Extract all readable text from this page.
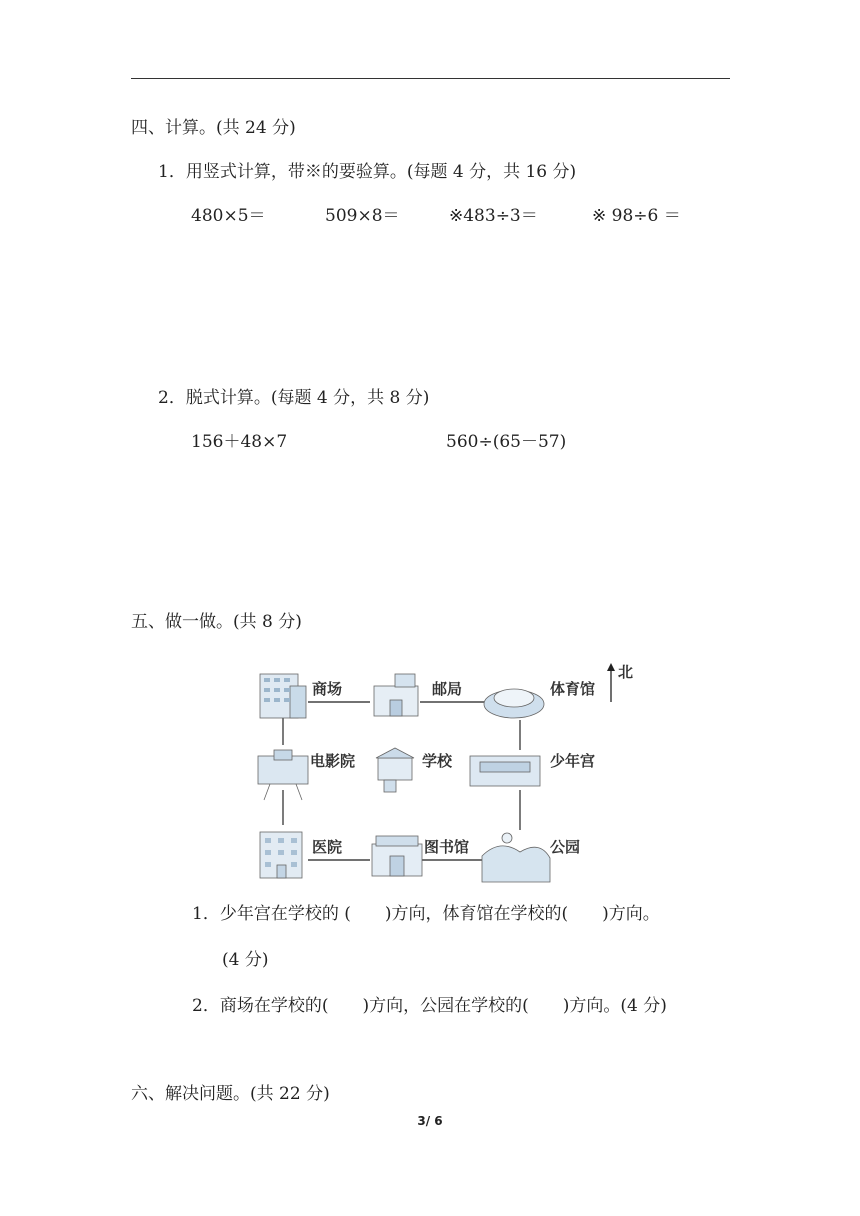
四、计算。(共 24 分)
1．用竖式计算，带※的要验算。(每题 4 分，共 16 分)
480×5＝	509×8＝	※483÷3＝	※ 98÷6 ＝
2．脱式计算。(每题 4 分，共 8 分)
156＋48×7	560÷(65－57)
五、做一做。(共 8 分)
商场	邮局	体育馆
北
电影院	学校	少年宫
医院	图书馆	公园
1．少年宫在学校的 (　　)方向，体育馆在学校的(　　)方向。
(4 分)
2．商场在学校的(　　)方向，公园在学校的(　　)方向。(4 分)
六、解决问题。(共 22 分)
3/ 6
